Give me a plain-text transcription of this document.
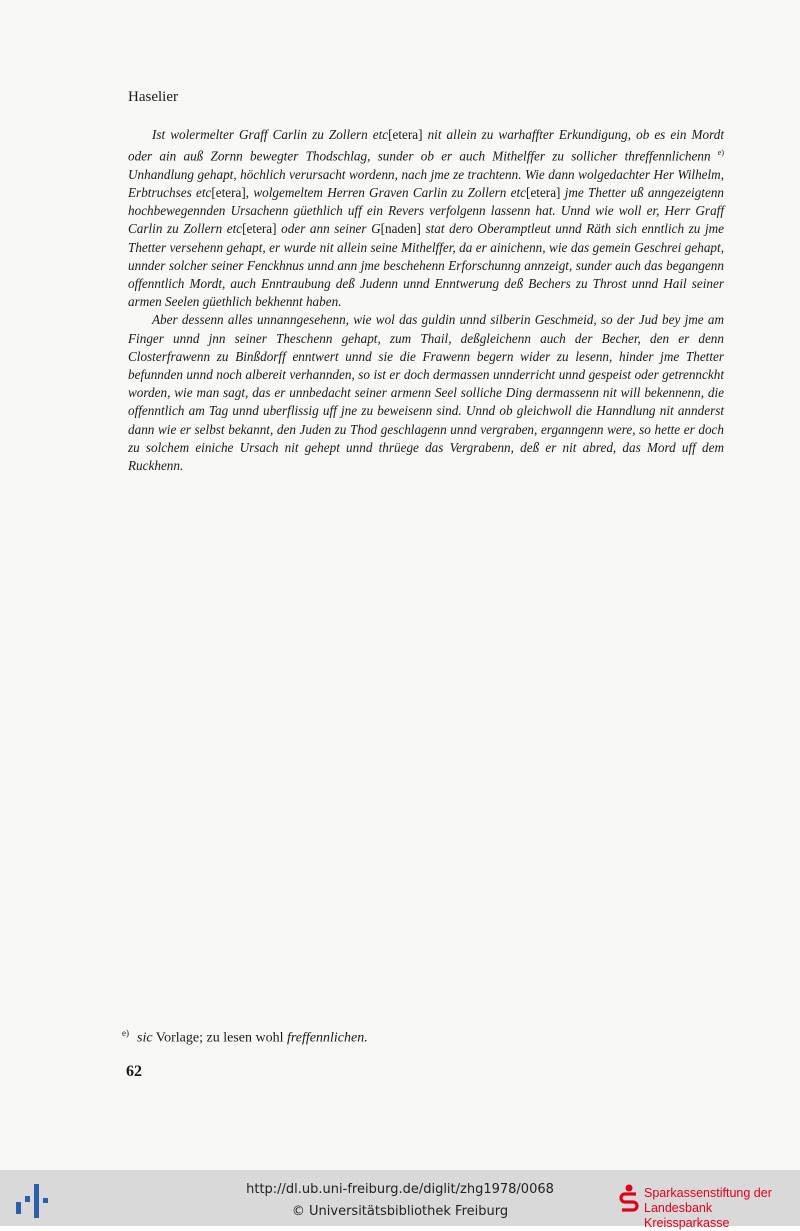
Haselier

Ist wolermelter Graff Carlin zu Zollern etc[etera] nit allein zu warhaffter Erkundigung, ob es ein Mordt oder ain auß Zornn bewegter Thodschlag, sunder ob er auch Mithelffer zu sollicher threffennlichenn $^{e)}$ Unhandlung gehapt, höchlich verursacht wordenn, nach jme ze trachtenn. Wie dann wolgedachter Her Wilhelm, Erbtruchses etc[etera], wolgemeltem Herren Graven Carlin zu Zollern etc[etera] jme Thetter uß anngezeigtenn hochbewegennden Ursachenn güethlich uff ein Revers verfolgenn lassenn hat. Unnd wie woll er, Herr Graff Carlin zu Zollern etc[etera] oder ann seiner G[naden] stat dero Oberamptleut unnd Räth sich enntlich zu jme Thetter versehenn gehapt, er wurde nit allein seine Mithelffer, da er ainichenn, wie das gemein Geschrei gehapt, unnder solcher seiner Fenckhnus unnd ann jme beschehenn Erforschunng annzeigt, sunder auch das begangenn offenntlich Mordt, auch Enntraubung deß Judenn unnd Enntwerung deß Bechers zu Throst unnd Hail seiner armen Seelen güethlich bekhennt haben.

Aber dessenn alles unnanngesehenn, wie wol das guldin unnd silberin Geschmeid, so der Jud bey jme am Finger unnd jnn seiner Theschenn gehapt, zum Thail, deßgleichenn auch der Becher, den er denn Closterfrawenn zu Binßdorff enntwert unnd sie die Frawenn begern wider zu lesenn, hinder jme Thetter befunnden unnd noch albereit verhannden, so ist er doch dermassen unnderricht unnd gespeist oder getrennckht worden, wie man sagt, das er unnbedacht seiner armenn Seel solliche Ding dermassenn nit will bekennenn, die offenntlich am Tag unnd uberflissig uff jne zu beweisenn sind. Unnd ob gleichwoll die Hanndlung nit annderst dann wie er selbst bekannt, den Juden zu Thod geschlagenn unnd vergraben, erganngenn were, so hette er doch zu solchem einiche Ursach nit gehept unnd thrüege das Vergrabenn, deß er nit abred, das Mord uff dem Ruckhenn.

$^{e)}$ sic Vorlage; zu lesen wohl freffennlichen.
62
http://dl.ub.uni-freiburg.de/diglit/zhg1978/0068
© Universitätsbibliothek Freiburg
Sparkassenstiftung der
Landesbank Kreissparkasse
